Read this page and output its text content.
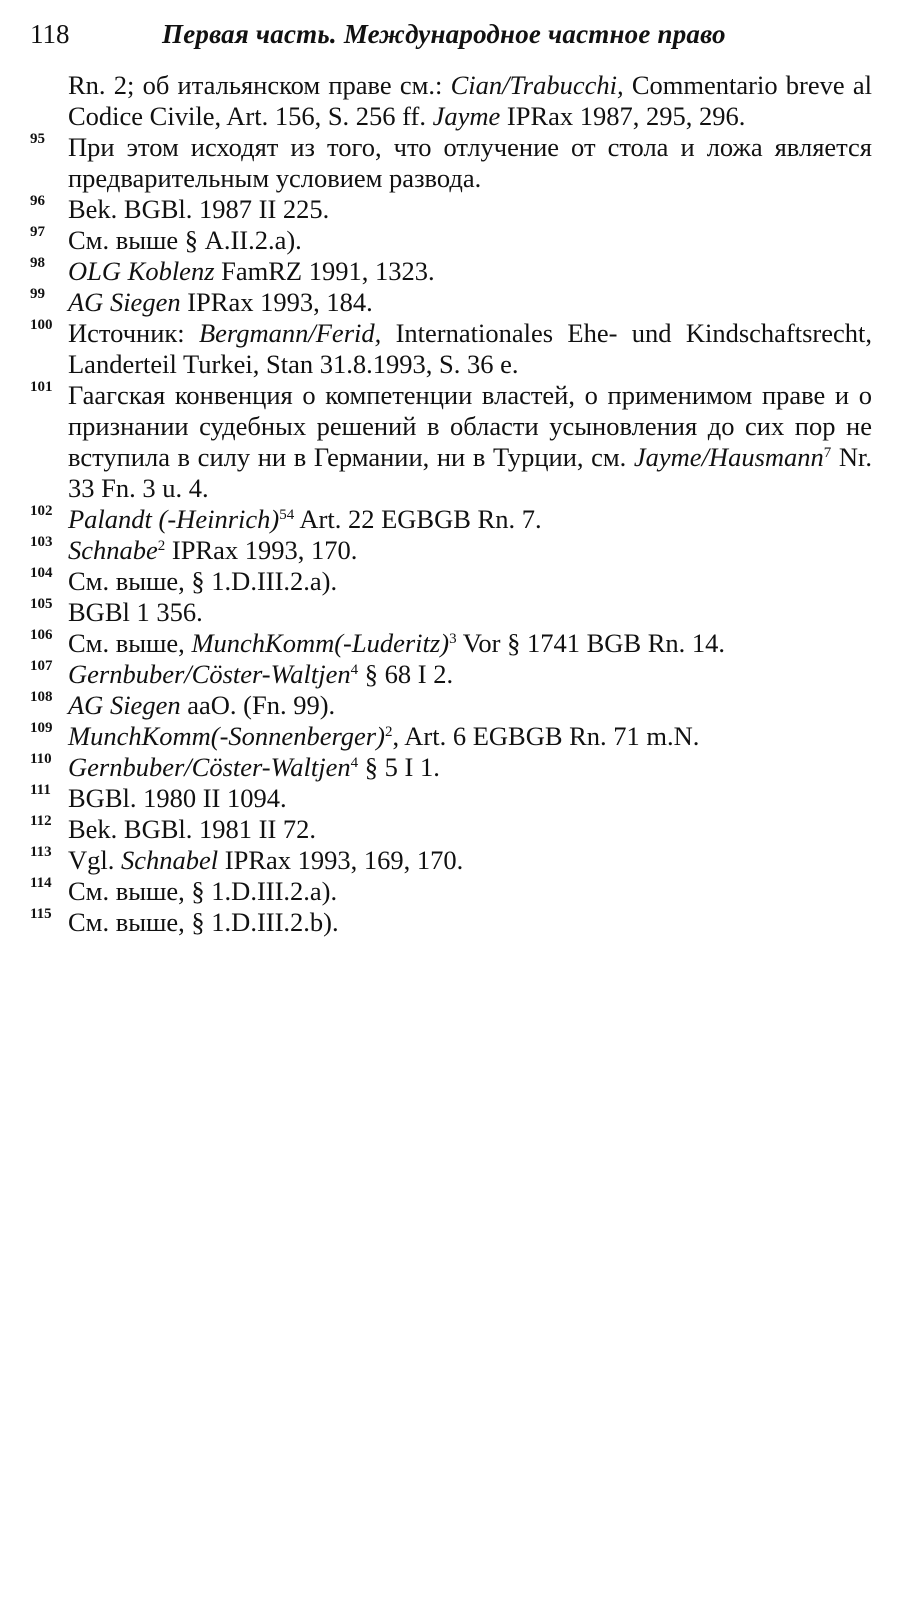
118	Первая часть. Международное частное право
Rn. 2; об итальянском праве см.: Cian/Trabucchi, Commentario breve al Codice Civile, Art. 156, S. 256 ff. Jayme IPRax 1987, 295, 296.
95 При этом исходят из того, что отлучение от стола и ложа является предварительным условием развода.
96 Bek. BGBl. 1987 II 225.
97 См. выше § A.II.2.a).
98 OLG Koblenz FamRZ 1991, 1323.
99 AG Siegen IPRax 1993, 184.
100 Источник: Bergmann/Ferid, Internationales Ehe- und Kindschaftsrecht, Landerteil Turkei, Stan 31.8.1993, S. 36 e.
101 Гаагская конвенция о компетенции властей, о применимом праве и о признании судебных решений в области усыновления до сих пор не вступила в силу ни в Германии, ни в Турции, см. Jayme/Hausmann$^7$ Nr. 33 Fn. 3 u. 4.
102 Palandt (-Heinrich)$^{54}$ Art. 22 EGBGB Rn. 7.
103 Schnabe$^2$ IPRax 1993, 170.
104 См. выше, § 1.D.III.2.a).
105 BGBl 1 356.
106 См. выше, MunchKomm(-Luderitz)$^3$ Vor § 1741 BGB Rn. 14.
107 Gernbuber/Cöster-Waltjen$^4$ § 68 I 2.
108 AG Siegen aaO. (Fn. 99).
109 MunchKomm(-Sonnenberger)$^2$, Art. 6 EGBGB Rn. 71 m.N.
110 Gernbuber/Cöster-Waltjen$^4$ § 5 I 1.
111 BGBl. 1980 II 1094.
112 Bek. BGBl. 1981 II 72.
113 Vgl. Schnabel IPRax 1993, 169, 170.
114 См. выше, § 1.D.III.2.a).
115 См. выше, § 1.D.III.2.b).
